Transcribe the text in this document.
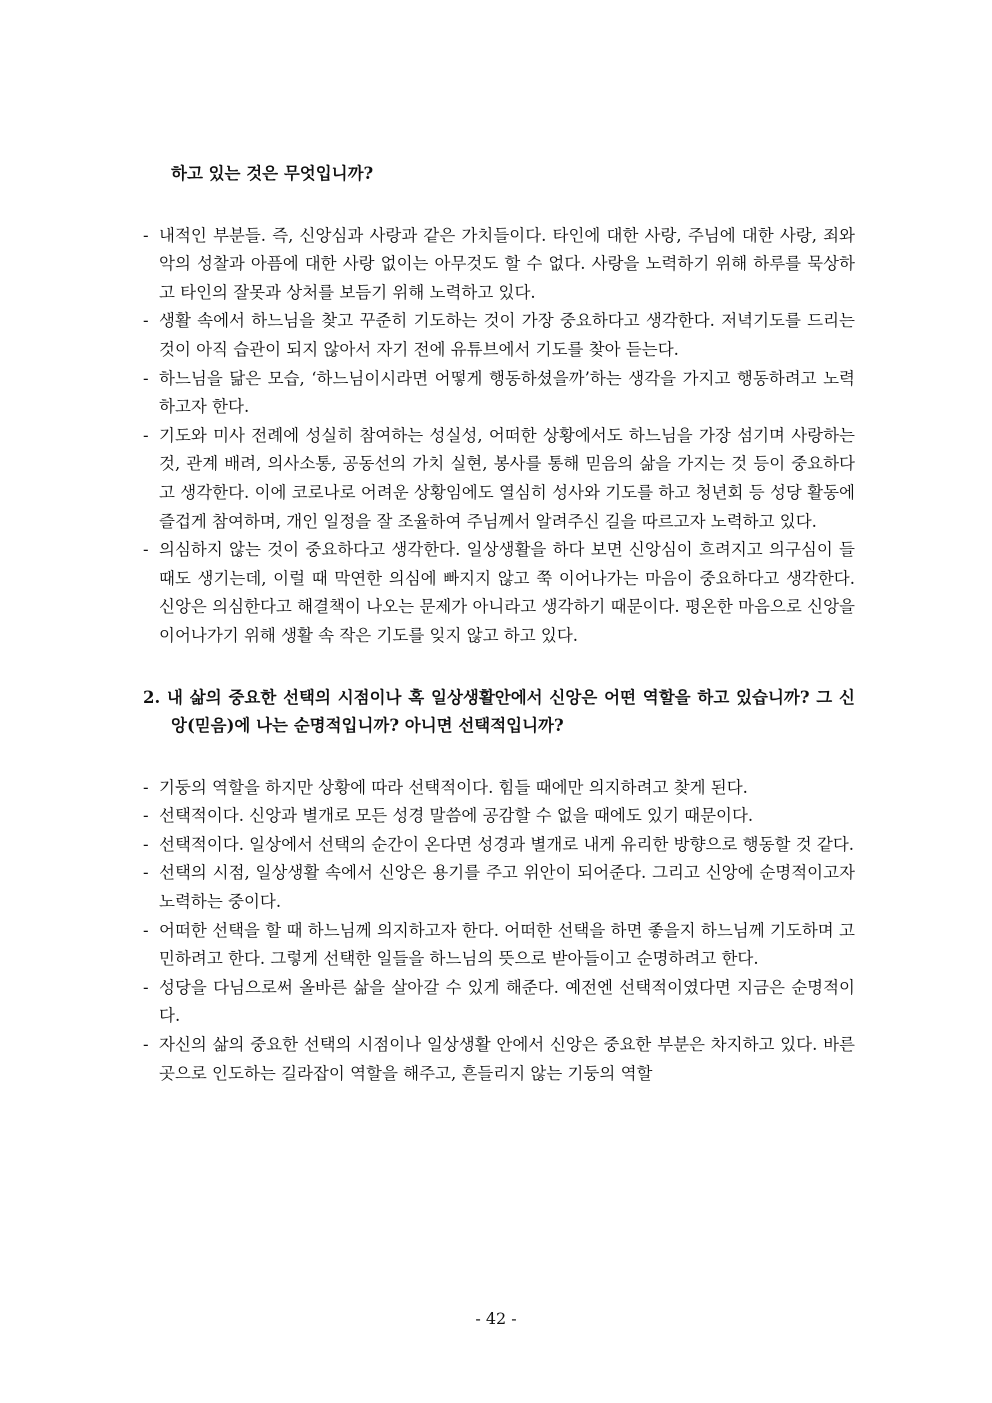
하고 있는 것은 무엇입니까?

- 내적인 부분들. 즉, 신앙심과 사랑과 같은 가치들이다. 타인에 대한 사랑, 주님에 대한 사랑, 죄와 악의 성찰과 아픔에 대한 사랑 없이는 아무것도 할 수 없다. 사랑을 노력하기 위해 하루를 묵상하고 타인의 잘못과 상처를 보듬기 위해 노력하고 있다.
- 생활 속에서 하느님을 찾고 꾸준히 기도하는 것이 가장 중요하다고 생각한다. 저녁기도를 드리는 것이 아직 습관이 되지 않아서 자기 전에 유튜브에서 기도를 찾아 듣는다.
- 하느님을 닮은 모습, ‘하느님이시라면 어떻게 행동하셨을까’하는 생각을 가지고 행동하려고 노력하고자 한다.
- 기도와 미사 전례에 성실히 참여하는 성실성, 어떠한 상황에서도 하느님을 가장 섬기며 사랑하는 것, 관계 배려, 의사소통, 공동선의 가치 실현, 봉사를 통해 믿음의 삶을 가지는 것 등이 중요하다고 생각한다. 이에 코로나로 어려운 상황임에도 열심히 성사와 기도를 하고 청년회 등 성당 활동에 즐겁게 참여하며, 개인 일정을 잘 조율하여 주님께서 알려주신 길을 따르고자 노력하고 있다.
- 의심하지 않는 것이 중요하다고 생각한다. 일상생활을 하다 보면 신앙심이 흐려지고 의구심이 들 때도 생기는데, 이럴 때 막연한 의심에 빠지지 않고 쭉 이어나가는 마음이 중요하다고 생각한다. 신앙은 의심한다고 해결책이 나오는 문제가 아니라고 생각하기 때문이다. 평온한 마음으로 신앙을 이어나가기 위해 생활 속 작은 기도를 잊지 않고 하고 있다.

2. 내 삶의 중요한 선택의 시점이나 혹 일상생활안에서 신앙은 어떤 역할을 하고 있습니까? 그 신앙(믿음)에 나는 순명적입니까? 아니면 선택적입니까?

- 기둥의 역할을 하지만 상황에 따라 선택적이다. 힘들 때에만 의지하려고 찾게 된다.
- 선택적이다. 신앙과 별개로 모든 성경 말씀에 공감할 수 없을 때에도 있기 때문이다.
- 선택적이다. 일상에서 선택의 순간이 온다면 성경과 별개로 내게 유리한 방향으로 행동할 것 같다.
- 선택의 시점, 일상생활 속에서 신앙은 용기를 주고 위안이 되어준다. 그리고 신앙에 순명적이고자 노력하는 중이다.
- 어떠한 선택을 할 때 하느님께 의지하고자 한다. 어떠한 선택을 하면 좋을지 하느님께 기도하며 고민하려고 한다. 그렇게 선택한 일들을 하느님의 뜻으로 받아들이고 순명하려고 한다.
- 성당을 다님으로써 올바른 삶을 살아갈 수 있게 해준다. 예전엔 선택적이였다면 지금은 순명적이다.
- 자신의 삶의 중요한 선택의 시점이나 일상생활 안에서 신앙은 중요한 부분은 차지하고 있다. 바른 곳으로 인도하는 길라잡이 역할을 해주고, 흔들리지 않는 기둥의 역할
- 42 -
